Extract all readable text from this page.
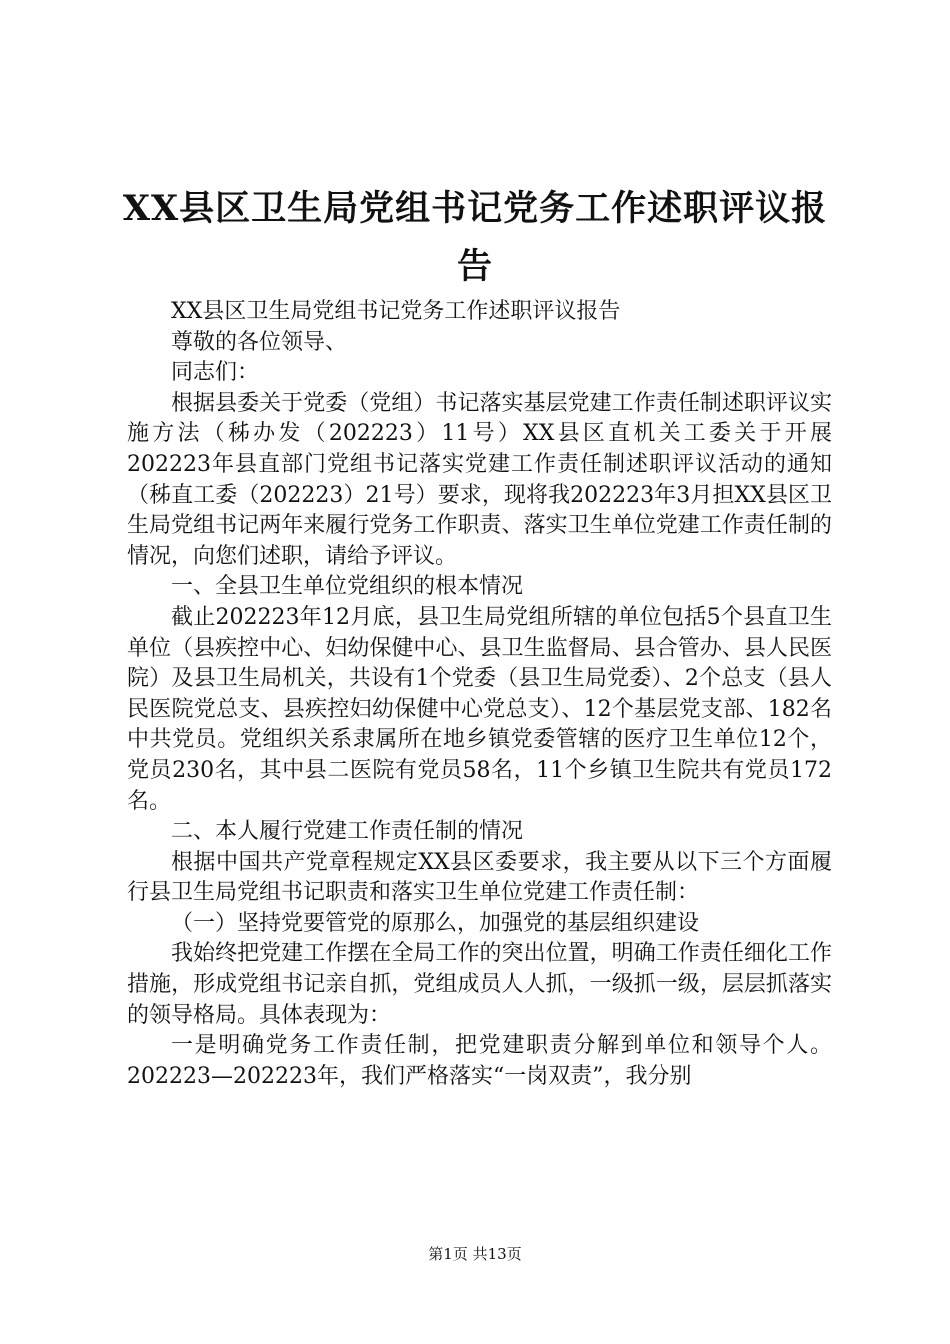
XX县区卫生局党组书记党务工作述职评议报告

XX县区卫生局党组书记党务工作述职评议报告

尊敬的各位领导、

同志们：

根据县委关于党委（党组）书记落实基层党建工作责任制述职评议实施方法（秭办发（202223）11号）XX县区直机关工委关于开展202223年县直部门党组书记落实党建工作责任制述职评议活动的通知（秭直工委（202223）21号）要求，现将我202223年3月担XX县区卫生局党组书记两年来履行党务工作职责、落实卫生单位党建工作责任制的情况，向您们述职，请给予评议。

一、全县卫生单位党组织的根本情况

截止202223年12月底，县卫生局党组所辖的单位包括5个县直卫生单位（县疾控中心、妇幼保健中心、县卫生监督局、县合管办、县人民医院）及县卫生局机关，共设有1个党委（县卫生局党委）、2个总支（县人民医院党总支、县疾控妇幼保健中心党总支）、12个基层党支部、182名中共党员。党组织关系隶属所在地乡镇党委管辖的医疗卫生单位12个，党员230名，其中县二医院有党员58名，11个乡镇卫生院共有党员172名。

二、本人履行党建工作责任制的情况

根据中国共产党章程规定XX县区委要求，我主要从以下三个方面履行县卫生局党组书记职责和落实卫生单位党建工作责任制：

（一）坚持党要管党的原那么，加强党的基层组织建设

我始终把党建工作摆在全局工作的突出位置，明确工作责任细化工作措施，形成党组书记亲自抓，党组成员人人抓，一级抓一级，层层抓落实的领导格局。具体表现为：

一是明确党务工作责任制，把党建职责分解到单位和领导个人。202223—202223年，我们严格落实“一岗双责”，我分别

第1页 共13页
